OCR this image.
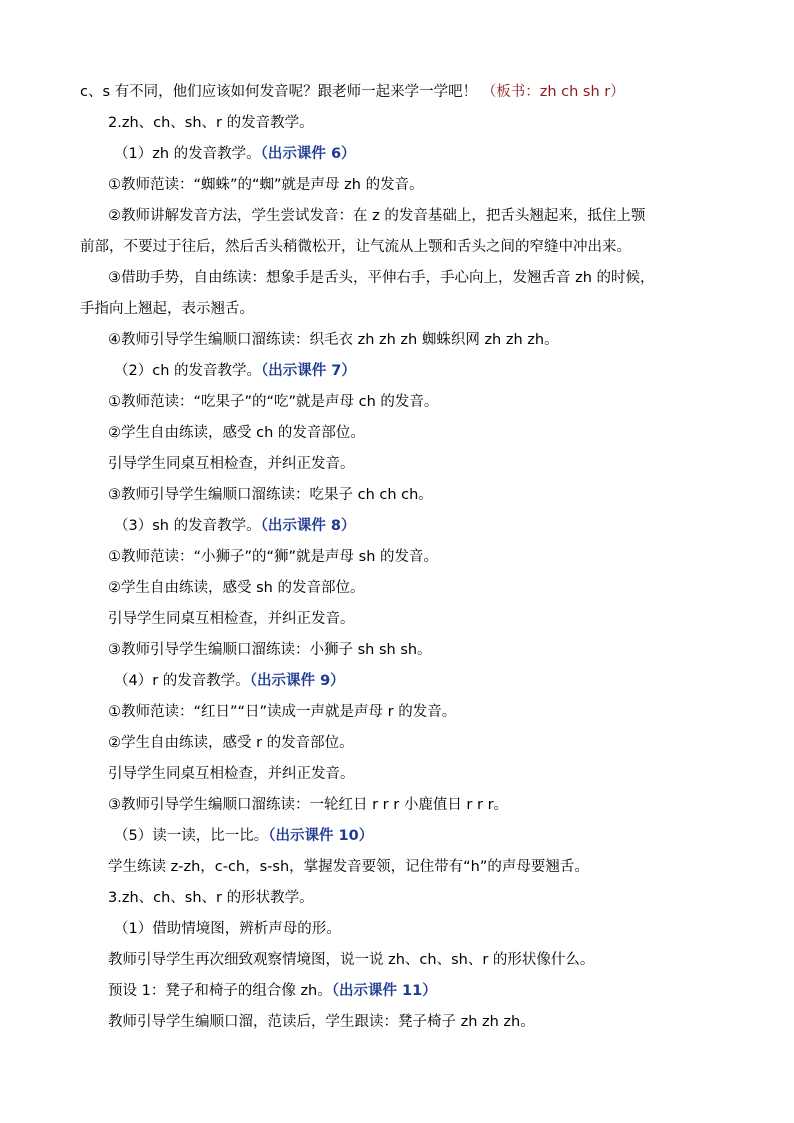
c、s 有不同，他们应该如何发音呢？跟老师一起来学一学吧！ （板书：zh ch sh r）
2.zh、ch、sh、r 的发音教学。
（1）zh 的发音教学。（出示课件 6）
①教师范读：“蜘蛛”的“蜘”就是声母 zh 的发音。
②教师讲解发音方法，学生尝试发音：在 z 的发音基础上，把舌头翘起来，抵住上颚
前部，不要过于往后，然后舌头稍微松开，让气流从上颚和舌头之间的窄缝中冲出来。
③借助手势，自由练读：想象手是舌头，平伸右手，手心向上，发翘舌音 zh 的时候，
手指向上翘起，表示翘舌。
④教师引导学生编顺口溜练读：织毛衣 zh zh zh 蜘蛛织网 zh zh zh。
（2）ch 的发音教学。（出示课件 7）
①教师范读：“吃果子”的“吃”就是声母 ch 的发音。
②学生自由练读，感受 ch 的发音部位。
引导学生同桌互相检查，并纠正发音。
③教师引导学生编顺口溜练读：吃果子 ch ch ch。
（3）sh 的发音教学。（出示课件 8）
①教师范读：“小狮子”的“狮”就是声母 sh 的发音。
②学生自由练读，感受 sh 的发音部位。
引导学生同桌互相检查，并纠正发音。
③教师引导学生编顺口溜练读：小狮子 sh sh sh。
（4）r 的发音教学。（出示课件 9）
①教师范读：“红日”“日”读成一声就是声母 r 的发音。
②学生自由练读，感受 r 的发音部位。
引导学生同桌互相检查，并纠正发音。
③教师引导学生编顺口溜练读：一轮红日 r r r 小鹿值日 r r r。
（5）读一读，比一比。（出示课件 10）
学生练读 z-zh，c-ch，s-sh，掌握发音要领，记住带有“h”的声母要翘舌。
3.zh、ch、sh、r 的形状教学。
（1）借助情境图，辨析声母的形。
教师引导学生再次细致观察情境图，说一说 zh、ch、sh、r 的形状像什么。
预设 1：凳子和椅子的组合像 zh。（出示课件 11）
教师引导学生编顺口溜，范读后，学生跟读：凳子椅子 zh zh zh。
